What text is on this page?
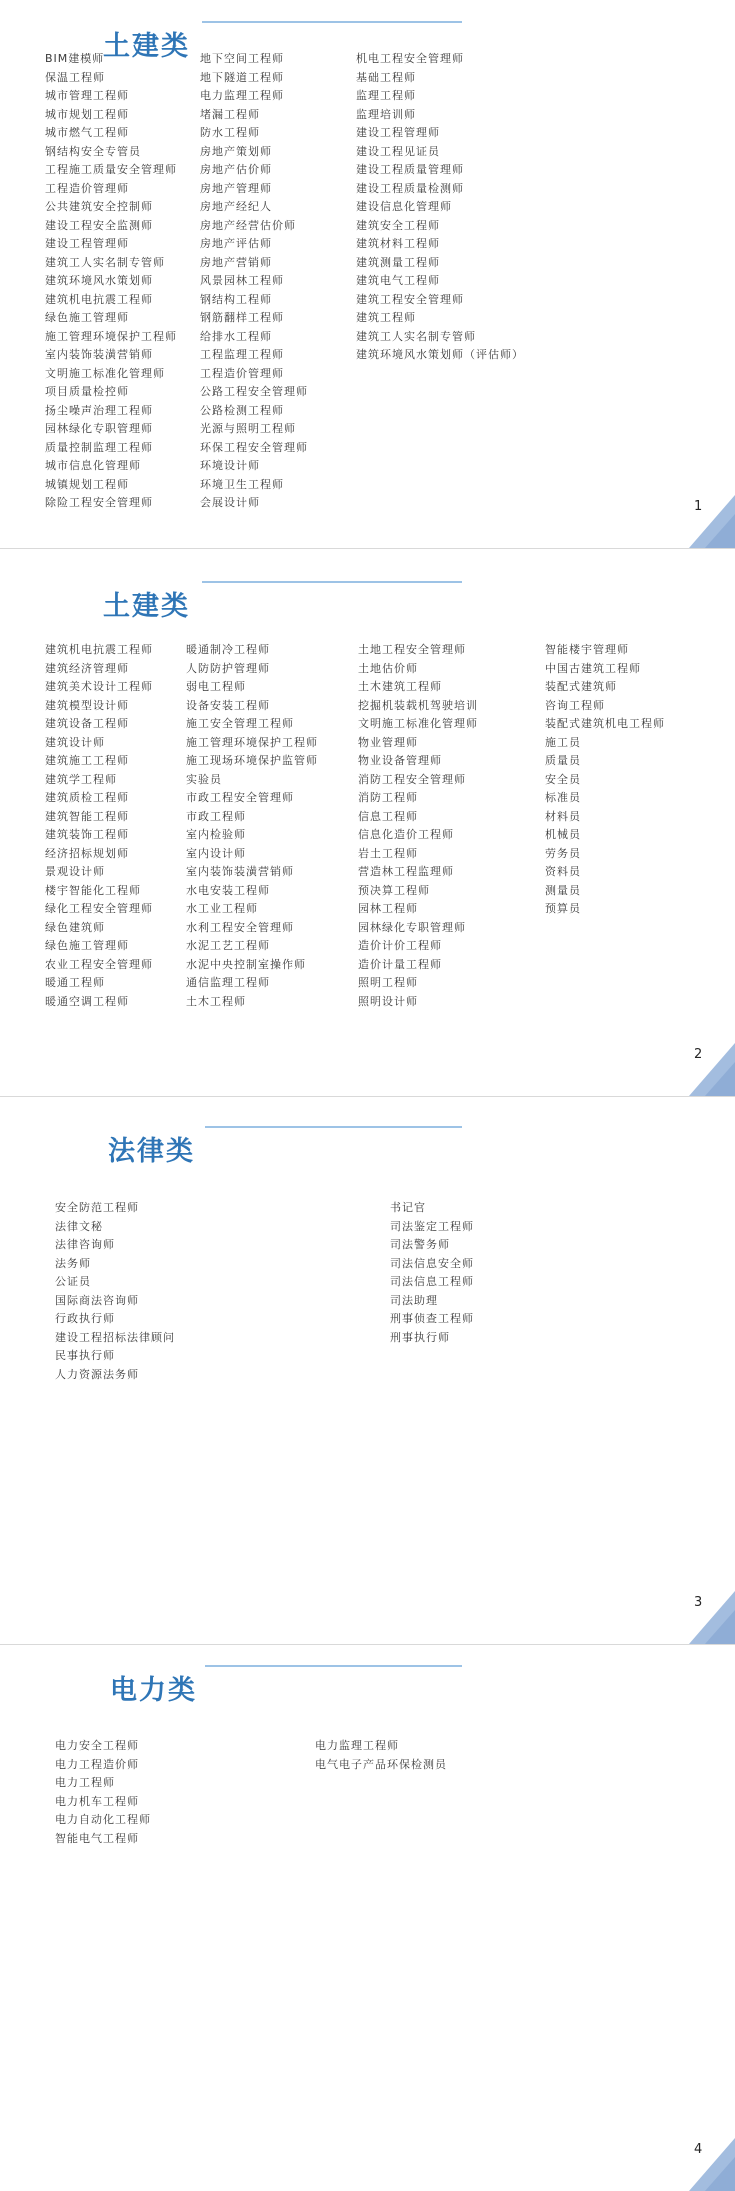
土建类
BIM建模师
保温工程师
城市管理工程师
城市规划工程师
城市燃气工程师
钢结构安全专管员
工程施工质量安全管理师
工程造价管理师
公共建筑安全控制师
建设工程安全监测师
建设工程管理师
建筑工人实名制专管师
建筑环境风水策划师
建筑机电抗震工程师
绿色施工管理师
施工管理环境保护工程师
室内装饰装潢营销师
文明施工标准化管理师
项目质量检控师
扬尘噪声治理工程师
园林绿化专职管理师
质量控制监理工程师
城市信息化管理师
城镇规划工程师
除险工程安全管理师
地下空间工程师
地下隧道工程师
电力监理工程师
堵漏工程师
防水工程师
房地产策划师
房地产估价师
房地产管理师
房地产经纪人
房地产经营估价师
房地产评估师
房地产营销师
风景园林工程师
钢结构工程师
钢筋翻样工程师
给排水工程师
工程监理工程师
工程造价管理师
公路工程安全管理师
公路检测工程师
光源与照明工程师
环保工程安全管理师
环境设计师
环境卫生工程师
会展设计师
机电工程安全管理师
基础工程师
监理工程师
监理培训师
建设工程管理师
建设工程见证员
建设工程质量管理师
建设工程质量检测师
建设信息化管理师
建筑安全工程师
建筑材料工程师
建筑测量工程师
建筑电气工程师
建筑工程安全管理师
建筑工程师
建筑工人实名制专管师
建筑环境风水策划师（评估师）
1
土建类
建筑机电抗震工程师
建筑经济管理师
建筑美术设计工程师
建筑模型设计师
建筑设备工程师
建筑设计师
建筑施工工程师
建筑学工程师
建筑质检工程师
建筑智能工程师
建筑装饰工程师
经济招标规划师
景观设计师
楼宇智能化工程师
绿化工程安全管理师
绿色建筑师
绿色施工管理师
农业工程安全管理师
暖通工程师
暖通空调工程师
暖通制冷工程师
人防防护管理师
弱电工程师
设备安装工程师
施工安全管理工程师
施工管理环境保护工程师
施工现场环境保护监管师
实验员
市政工程安全管理师
市政工程师
室内检验师
室内设计师
室内装饰装潢营销师
水电安装工程师
水工业工程师
水利工程安全管理师
水泥工艺工程师
水泥中央控制室操作师
通信监理工程师
土木工程师
土地工程安全管理师
土地估价师
土木建筑工程师
挖掘机装载机驾驶培训
文明施工标准化管理师
物业管理师
物业设备管理师
消防工程安全管理师
消防工程师
信息工程师
信息化造价工程师
岩土工程师
营造林工程监理师
预决算工程师
园林工程师
园林绿化专职管理师
造价计价工程师
造价计量工程师
照明工程师
照明设计师
智能楼宇管理师
中国古建筑工程师
装配式建筑师
咨询工程师
装配式建筑机电工程师
施工员
质量员
安全员
标准员
材料员
机械员
劳务员
资料员
测量员
预算员
2
法律类
安全防范工程师
法律文秘
法律咨询师
法务师
公证员
国际商法咨询师
行政执行师
建设工程招标法律顾问
民事执行师
人力资源法务师
书记官
司法鉴定工程师
司法警务师
司法信息安全师
司法信息工程师
司法助理
刑事侦查工程师
刑事执行师
3
电力类
电力安全工程师
电力工程造价师
电力工程师
电力机车工程师
电力自动化工程师
智能电气工程师
电力监理工程师
电气电子产品环保检测员
4
